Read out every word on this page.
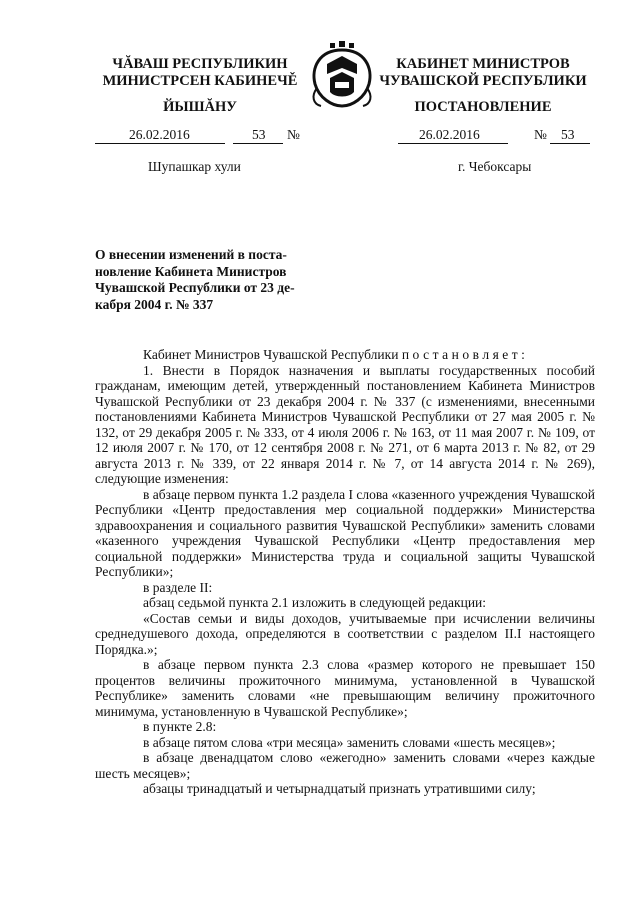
ЧĂВАШ РЕСПУБЛИКИН
МИНИСТРСЕН КАБИНЕЧĚ
ЙЫШĂНУ
КАБИНЕТ МИНИСТРОВ
ЧУВАШСКОЙ РЕСПУБЛИКИ
ПОСТАНОВЛЕНИЕ
26.02.2016	53 №	26.02.2016	№ 53
Шупашкар хули	г. Чебоксары
О внесении изменений в поста-
новление Кабинета Министров
Чувашской Республики от 23 де-
кабря 2004 г. № 337

Кабинет Министров Чувашской Республики постановляет:

1. Внести в Порядок назначения и выплаты государственных пособий гражданам, имеющим детей, утвержденный постановлением Кабинета Министров Чувашской Республики от 23 декабря 2004 г. № 337 (с изменениями, внесенными постановлениями Кабинета Министров Чувашской Республики от 27 мая 2005 г. № 132, от 29 декабря 2005 г. № 333, от 4 июля 2006 г. № 163, от 11 мая 2007 г. № 109, от 12 июля 2007 г. № 170, от 12 сентября 2008 г. № 271, от 6 марта 2013 г. № 82, от 29 августа 2013 г. № 339, от 22 января 2014 г. № 7, от 14 августа 2014 г. № 269), следующие изменения:

в абзаце первом пункта 1.2 раздела I слова «казенного учреждения Чувашской Республики «Центр предоставления мер социальной поддержки» Министерства здравоохранения и социального развития Чувашской Республики» заменить словами «казенного учреждения Чувашской Республики «Центр предоставления мер социальной поддержки» Министерства труда и социальной защиты Чувашской Республики»;

в разделе II:

абзац седьмой пункта 2.1 изложить в следующей редакции:

«Состав семьи и виды доходов, учитываемые при исчислении величины среднедушевого дохода, определяются в соответствии с разделом II.I настоящего Порядка.»;

в абзаце первом пункта 2.3 слова «размер которого не превышает 150 процентов величины прожиточного минимума, установленной в Чувашской Республике» заменить словами «не превышающим величину прожиточного минимума, установленную в Чувашской Республике»;

в пункте 2.8:

в абзаце пятом слова «три месяца» заменить словами «шесть месяцев»;

в абзаце двенадцатом слово «ежегодно» заменить словами «через каждые шесть месяцев»;

абзацы тринадцатый и четырнадцатый признать утратившими силу;
